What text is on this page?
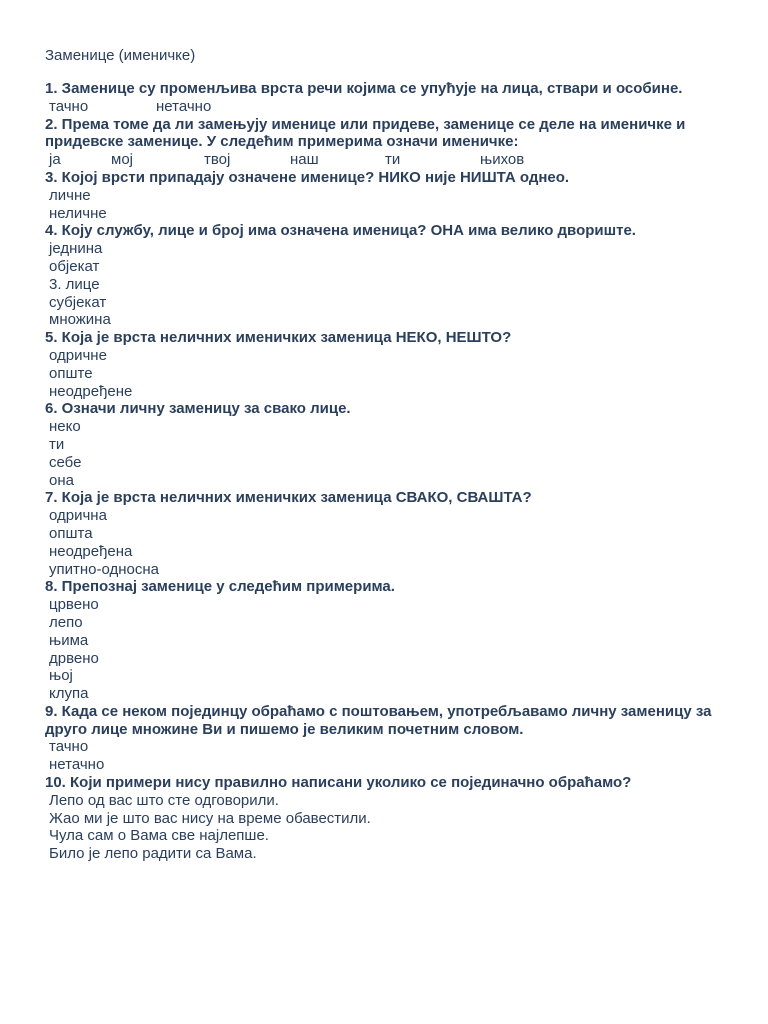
Заменице (именичке)
1. Заменице су променљива врста речи којима се упућује на лица, ствари и особине.
тачно	нетачно
2. Према томе да ли замењују именице или придеве, заменице се деле на именичке и придевске заменице. У следећим примерима означи именичке:
ја	мој	твој	наш	ти	њихов
3. Којој врсти припадају означене именице? НИКО није НИШТА однео.
личне
неличне
4. Коју службу, лице и број има означена именица? ОНА има велико двориште.
једнина
објекат
3. лице
субјекат
множина
5. Која је врста неличних именичких заменица НЕКО, НЕШТО?
одричне
опште
неодређене
6. Означи личну заменицу за свако лице.
неко
ти
себе
она
7. Која је врста неличних именичких заменица СВАКО, СВАШТА?
одрична
општа
неодређена
упитно-односна
8. Препознај заменице у следећим примерима.
црвено
лепо
њима
дрвено
њој
клупа
9. Када се неком појединцу обраћамо с поштовањем, употребљавамо личну заменицу за друго лице множине Ви и пишемо је великим почетним словом.
тачно
нетачно
10. Који примери нису правилно написани уколико се појединачно обраћамо?
Лепо од вас што сте одговорили.
Жао ми је што вас нису на време обавестили.
Чула сам о Вама све најлепше.
Било је лепо радити са Вама.
